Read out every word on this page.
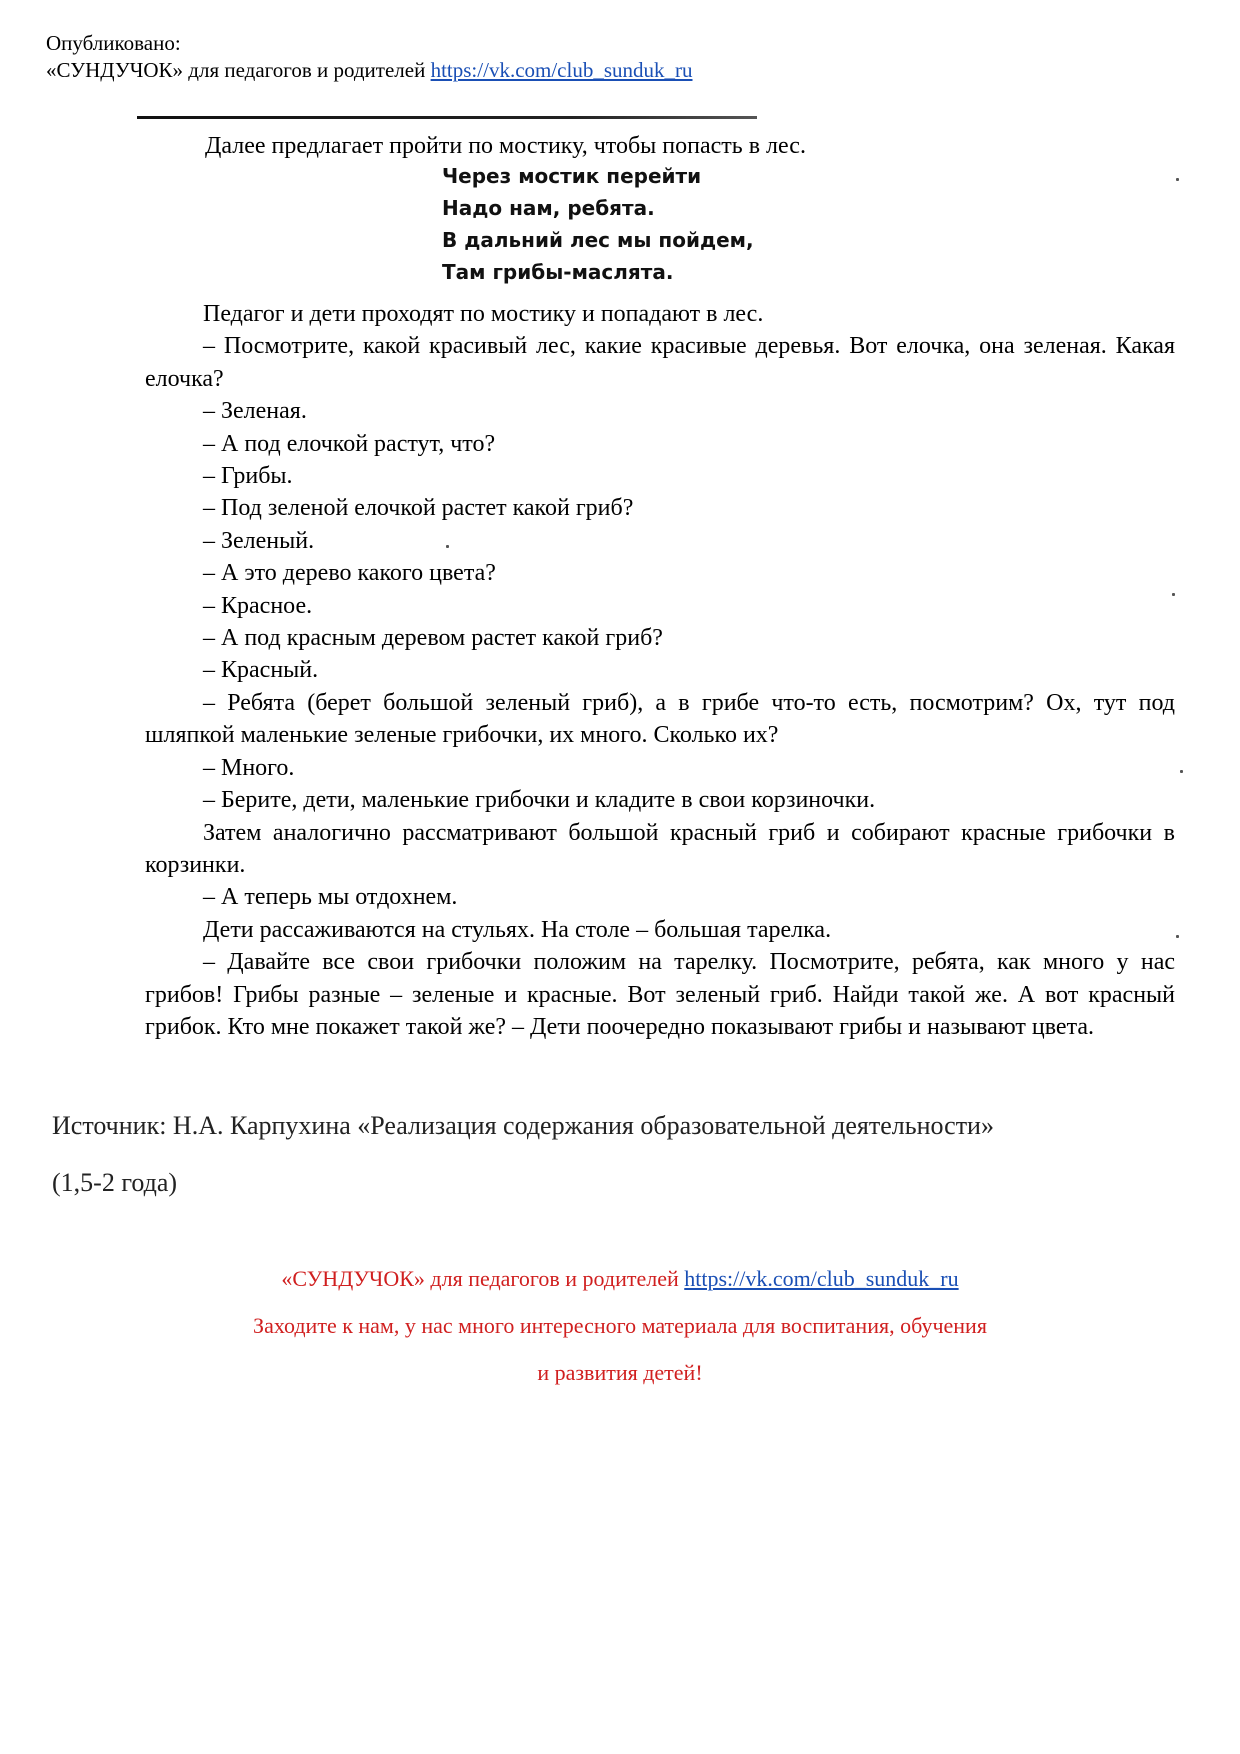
Опубликовано:
«СУНДУЧОК» для педагогов и родителей https://vk.com/club_sunduk_ru

Далее предлагает пройти по мостику, чтобы попасть в лес.

Через мостик перейти
Надо нам, ребята.
В дальний лес мы пойдем,
Там грибы-маслята.

Педагог и дети проходят по мостику и попадают в лес.

– Посмотрите, какой красивый лес, какие красивые деревья. Вот елочка, она зеленая. Какая елочка?

– Зеленая.

– А под елочкой растут, что?

– Грибы.

– Под зеленой елочкой растет какой гриб?

– Зеленый.

– А это дерево какого цвета?

– Красное.

– А под красным деревом растет какой гриб?

– Красный.

– Ребята (берет большой зеленый гриб), а в грибе что-то есть, посмотрим? Ох, тут под шляпкой маленькие зеленые грибочки, их много. Сколько их?

– Много.

– Берите, дети, маленькие грибочки и кладите в свои корзиночки.

Затем аналогично рассматривают большой красный гриб и собирают красные грибочки в корзинки.

– А теперь мы отдохнем.

Дети рассаживаются на стульях. На столе – большая тарелка.

– Давайте все свои грибочки положим на тарелку. Посмотрите, ребята, как много у нас грибов! Грибы разные – зеленые и красные. Вот зеленый гриб. Найди такой же. А вот красный грибок. Кто мне покажет такой же? – Дети поочередно показывают грибы и называют цвета.

Источник: Н.А. Карпухина «Реализация содержания образовательной деятельности»
(1,5-2 года)
«СУНДУЧОК» для педагогов и родителей https://vk.com/club_sunduk_ru
Заходите к нам, у нас много интересного материала для воспитания, обучения
и развития детей!
